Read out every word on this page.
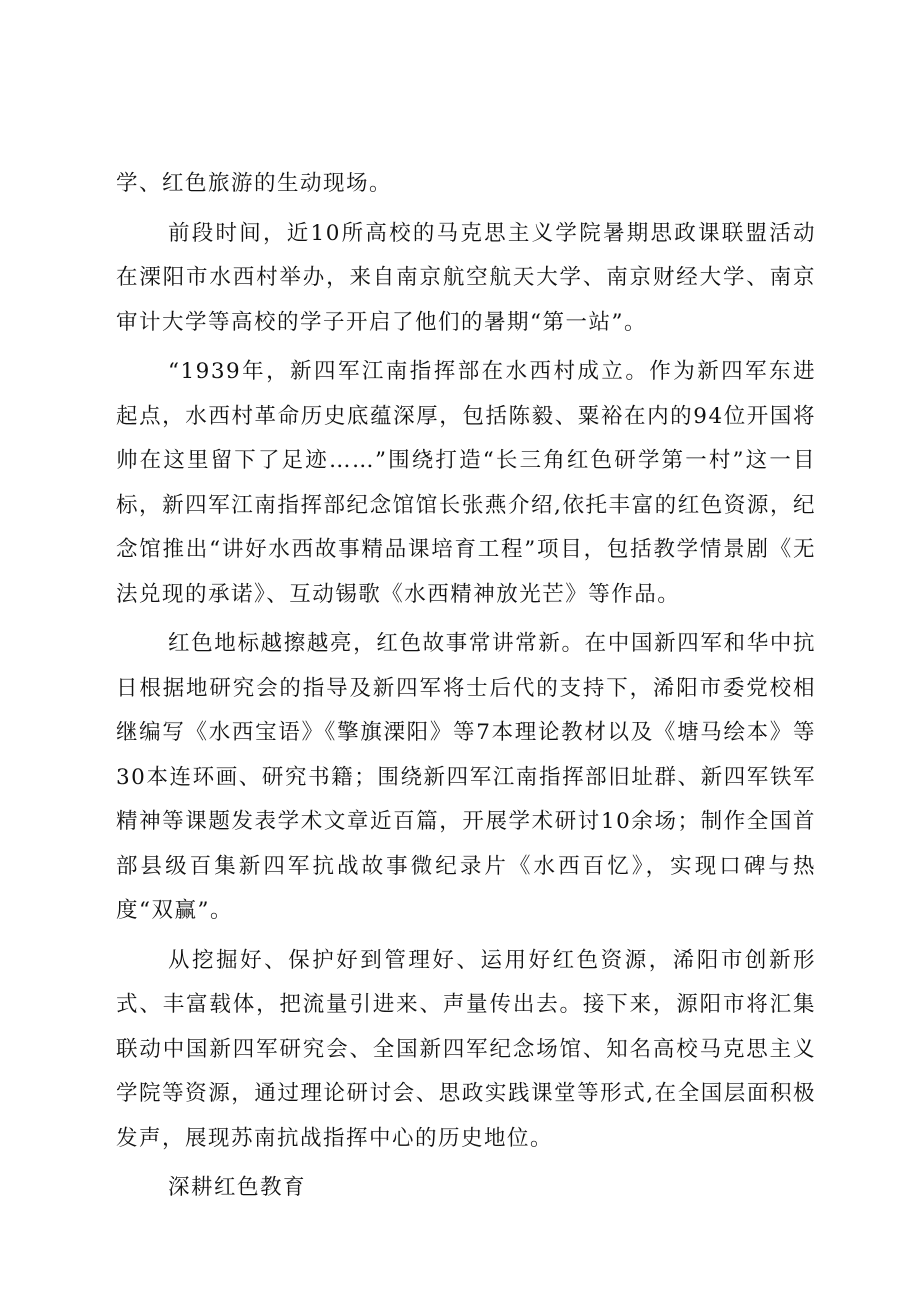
学、红色旅游的生动现场。

前段时间，近10所高校的马克思主义学院暑期思政课联盟活动在溧阳市水西村举办，来自南京航空航天大学、南京财经大学、南京审计大学等高校的学子开启了他们的暑期“第一站”。

“1939年，新四军江南指挥部在水西村成立。作为新四军东进起点，水西村革命历史底蕴深厚，包括陈毅、粟裕在内的94位开国将帅在这里留下了足迹……”围绕打造“长三角红色研学第一村”这一目标，新四军江南指挥部纪念馆馆长张燕介绍,依托丰富的红色资源，纪念馆推出“讲好水西故事精品课培育工程”项目，包括教学情景剧《无法兑现的承诺》、互动锡歌《水西精神放光芒》等作品。

红色地标越擦越亮，红色故事常讲常新。在中国新四军和华中抗日根据地研究会的指导及新四军将士后代的支持下，浠阳市委党校相继编写《水西宝语》《擎旗溧阳》等7本理论教材以及《塘马绘本》等30本连环画、研究书籍；围绕新四军江南指挥部旧址群、新四军铁军精神等课题发表学术文章近百篇，开展学术研讨10余场；制作全国首部县级百集新四军抗战故事微纪录片《水西百忆》，实现口碑与热度“双赢”。

从挖掘好、保护好到管理好、运用好红色资源，浠阳市创新形式、丰富载体，把流量引进来、声量传出去。接下来，源阳市将汇集联动中国新四军研究会、全国新四军纪念场馆、知名高校马克思主义学院等资源，通过理论研讨会、思政实践课堂等形式,在全国层面积极发声，展现苏南抗战指挥中心的历史地位。

深耕红色教育
